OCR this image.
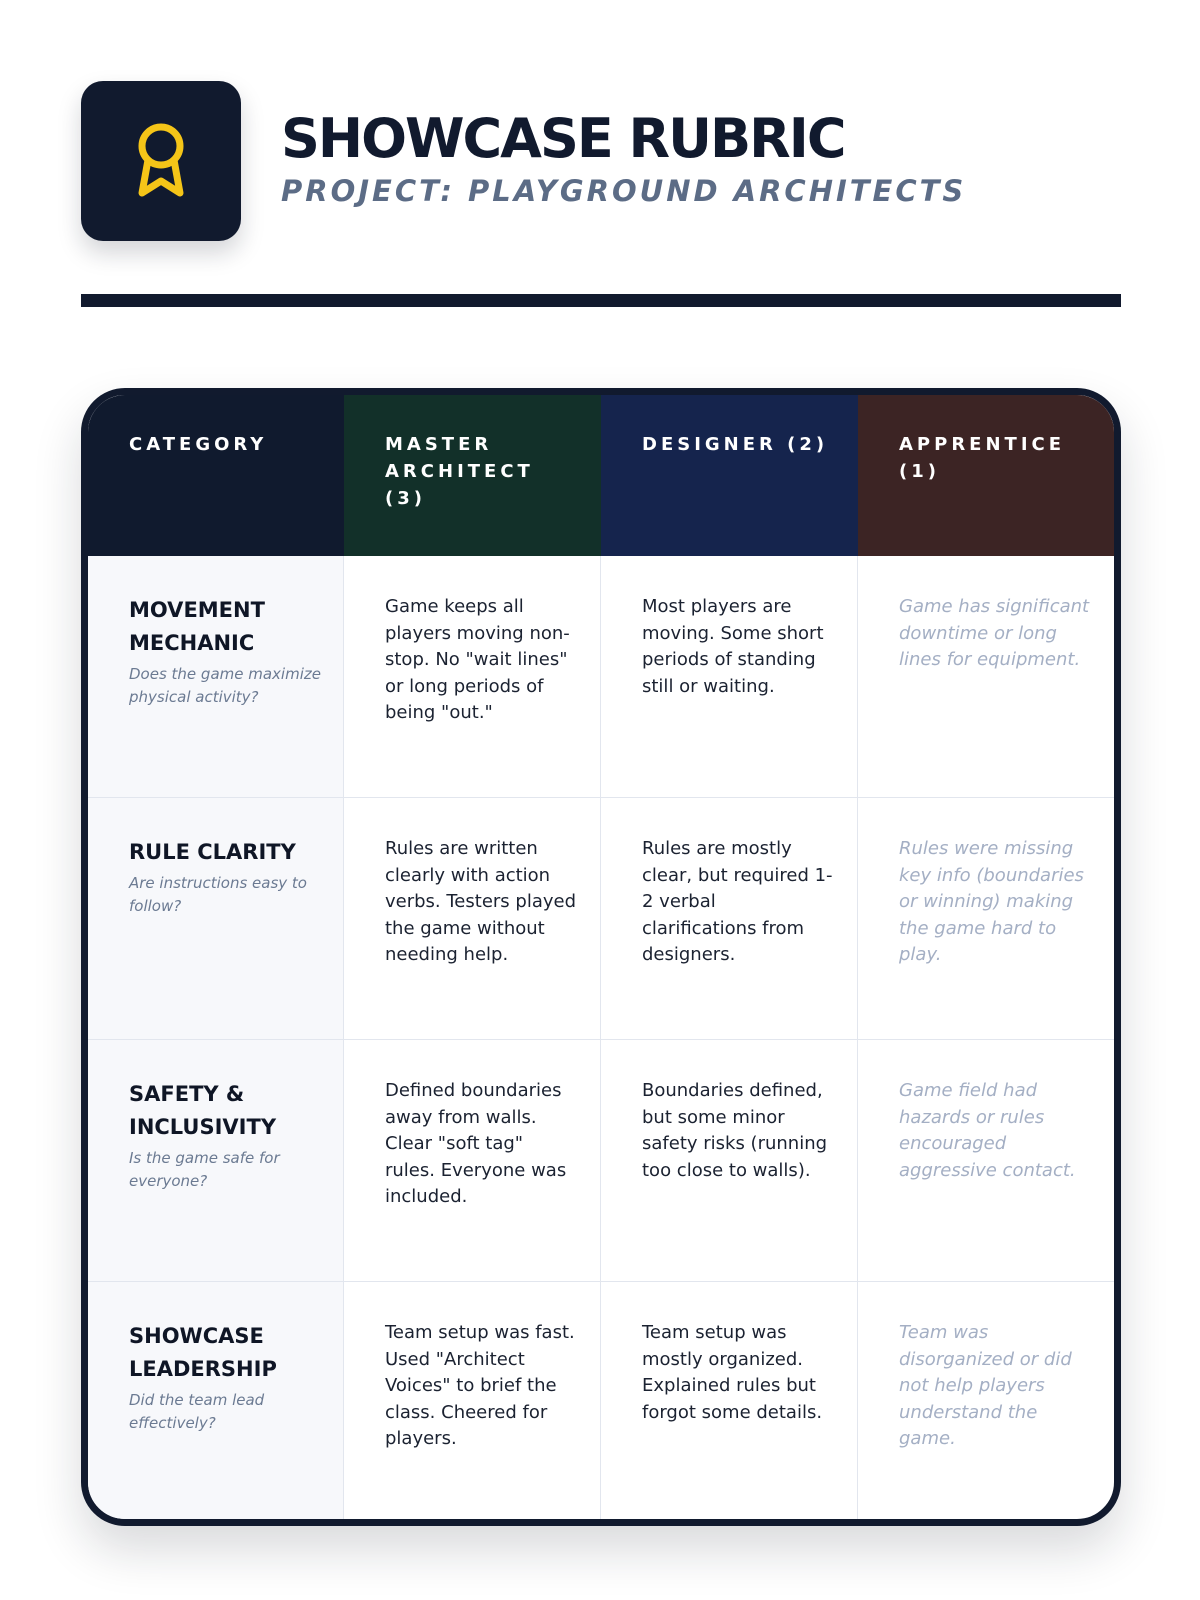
SHOWCASE RUBRIC
PROJECT: PLAYGROUND ARCHITECTS
CATEGORY	MASTER ARCHITECT (3)
DESIGNER (2)	APPRENTICE (1)

MOVEMENT MECHANIC

Does the game maximize physical activity?

Game keeps all players moving non-stop. No "wait lines" or long periods of being "out."
Most players are moving. Some short periods of standing still or waiting.
Game has significant downtime or long lines for equipment.

RULE CLARITY

Are instructions easy to follow?

Rules are written clearly with action verbs. Testers played the game without needing help.
Rules are mostly clear, but required 1-2 verbal clarifications from designers.
Rules were missing key info (boundaries or winning) making the game hard to play.

SAFETY & INCLUSIVITY

Is the game safe for everyone?

Defined boundaries away from walls. Clear "soft tag" rules. Everyone was included.
Boundaries defined, but some minor safety risks (running too close to walls).
Game field had hazards or rules encouraged aggressive contact.

SHOWCASE LEADERSHIP

Did the team lead effectively?

Team setup was fast. Used "Architect Voices" to brief the class. Cheered for players.
Team setup was mostly organized. Explained rules but forgot some details.
Team was disorganized or did not help players understand the game.
